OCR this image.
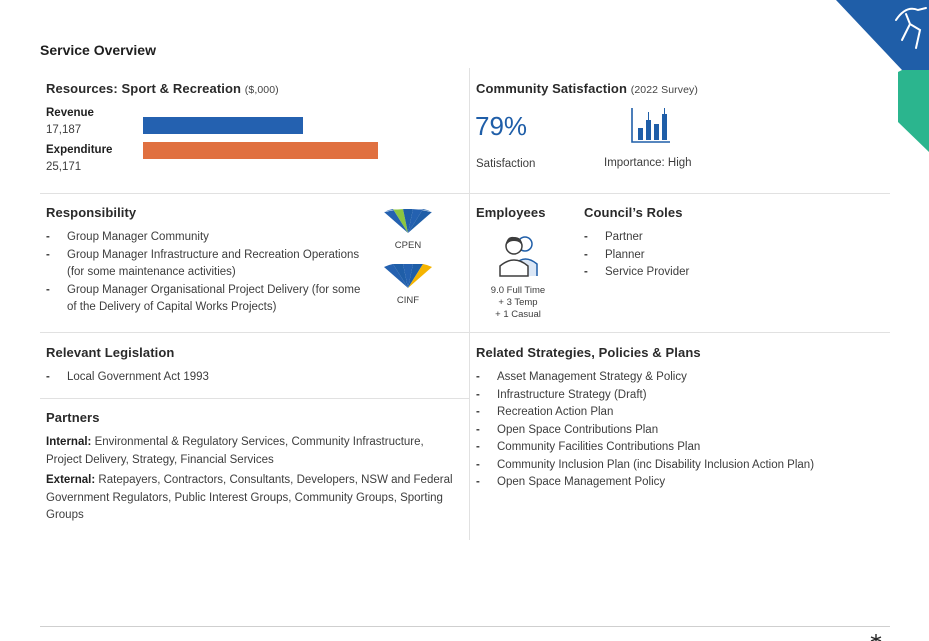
Service Overview
Resources: Sport & Recreation ($,000)
Revenue
17,187
Expenditure
25,171
Community Satisfaction (2022 Survey)
79%
Satisfaction	Importance: High
Responsibility
- Group Manager Community
- Group Manager Infrastructure and Recreation Operations (for some maintenance activities)
- Group Manager Organisational Project Delivery (for some of the Delivery of Capital Works Projects)
CPEN
CINF
Employees
9.0 Full Time
+ 3 Temp
+ 1 Casual
Council’s Roles
- Partner
- Planner
- Service Provider
Relevant Legislation
- Local Government Act 1993
Partners
Internal: Environmental & Regulatory Services, Community Infrastructure, Project Delivery, Strategy, Financial Services
External: Ratepayers, Contractors, Consultants, Developers, NSW and Federal Government Regulators, Public Interest Groups, Community Groups, Sporting Groups
Related Strategies, Policies & Plans
- Asset Management Strategy & Policy
- Infrastructure Strategy (Draft)
- Recreation Action Plan
- Open Space Contributions Plan
- Community Facilities Contributions Plan
- Community Inclusion Plan (inc Disability Inclusion Action Plan)
- Open Space Management Policy
